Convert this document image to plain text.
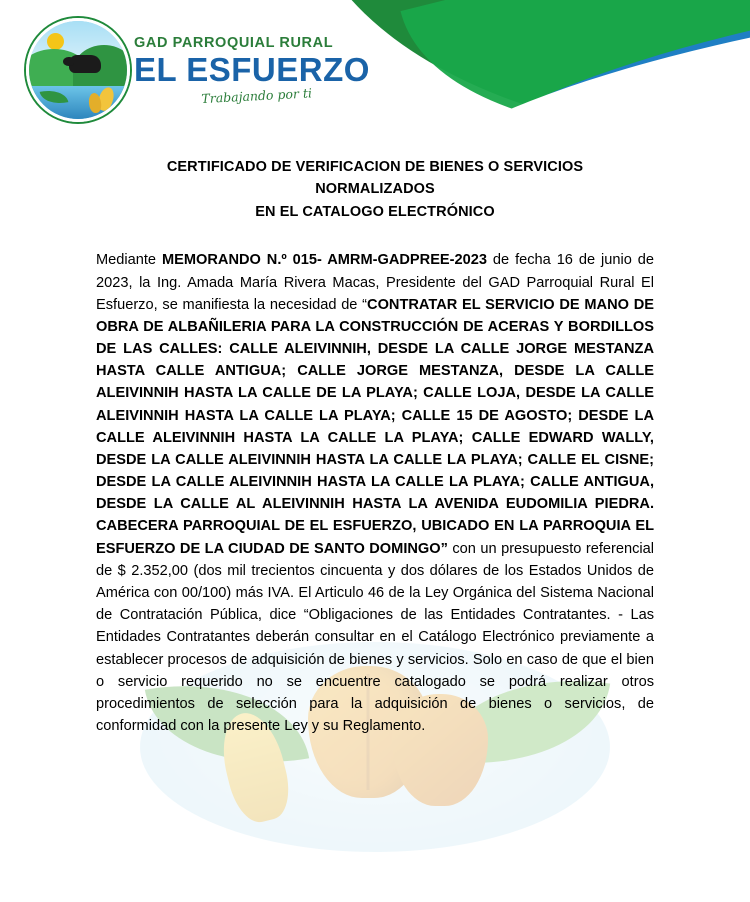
GAD PARROQUIAL RURAL
EL ESFUERZO
Trabajando por ti
CERTIFICADO DE VERIFICACION DE BIENES O SERVICIOS
NORMALIZADOS
EN EL CATALOGO ELECTRÓNICO

Mediante MEMORANDO N.º 015- AMRM-GADPREE-2023 de fecha 16 de junio de 2023, la Ing. Amada María Rivera Macas, Presidente del GAD Parroquial Rural El Esfuerzo, se manifiesta la necesidad de “CONTRATAR EL SERVICIO DE MANO DE OBRA DE ALBAÑILERIA PARA LA CONSTRUCCIÓN DE ACERAS Y BORDILLOS DE LAS CALLES: CALLE ALEIVINNIH, DESDE LA CALLE JORGE MESTANZA HASTA CALLE ANTIGUA; CALLE JORGE MESTANZA, DESDE LA CALLE ALEIVINNIH HASTA LA CALLE DE LA PLAYA; CALLE LOJA, DESDE LA CALLE ALEIVINNIH HASTA LA CALLE LA PLAYA; CALLE 15 DE AGOSTO; DESDE LA CALLE ALEIVINNIH HASTA LA CALLE LA PLAYA; CALLE EDWARD WALLY, DESDE LA CALLE ALEIVINNIH HASTA LA CALLE LA PLAYA; CALLE EL CISNE; DESDE LA CALLE ALEIVINNIH HASTA LA CALLE LA PLAYA; CALLE ANTIGUA, DESDE LA CALLE AL ALEIVINNIH HASTA LA AVENIDA EUDOMILIA PIEDRA. CABECERA PARROQUIAL DE EL ESFUERZO, UBICADO EN LA PARROQUIA EL ESFUERZO DE LA CIUDAD DE SANTO DOMINGO” con un presupuesto referencial de $ 2.352,00 (dos mil trecientos cincuenta y dos dólares de los Estados Unidos de América con 00/100) más IVA. El Articulo 46 de la Ley Orgánica del Sistema Nacional de Contratación Pública, dice “Obligaciones de las Entidades Contratantes. - Las Entidades Contratantes deberán consultar en el Catálogo Electrónico previamente a establecer procesos de adquisición de bienes y servicios. Solo en caso de que el bien o servicio requerido no se encuentre catalogado se podrá realizar otros procedimientos de selección para la adquisición de bienes o servicios, de conformidad con la presente Ley y su Reglamento.
